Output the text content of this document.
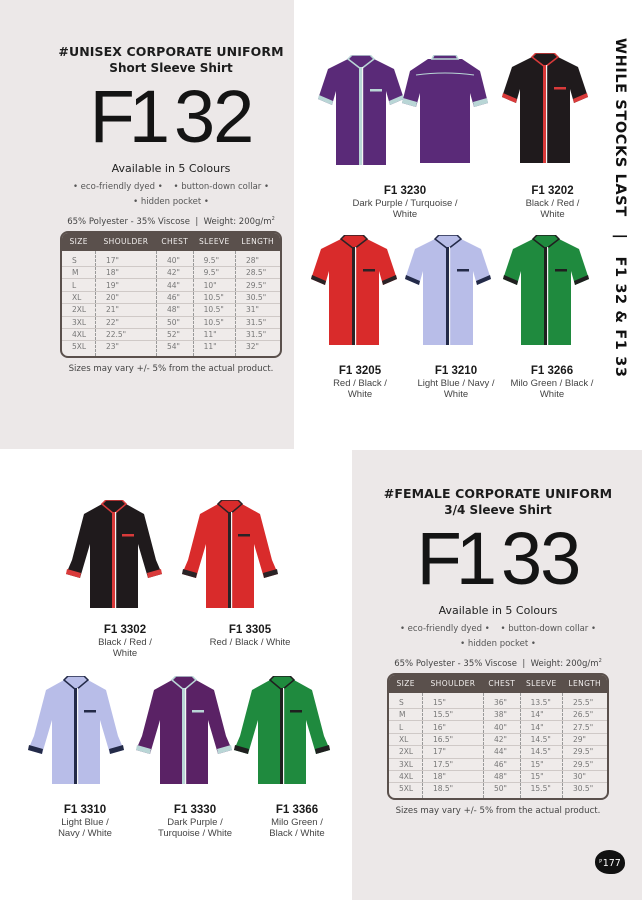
#UNISEX CORPORATE UNIFORM
Short Sleeve Shirt
F1 32
Available in 5 Colours
• eco-friendly dyed •    • button-down collar •
• hidden pocket •
65% Polyester - 35% Viscose  |  Weight: $200g/m^2$
SIZE	SHOULDER	CHEST	SLEEVE	LENGTH
S	17"	40"	9.5"	28"
M	18"	42"	9.5"	28.5"
L	19"	44"	10"	29.5"
XL	20"	46"	10.5"	30.5"
2XL	21"	48"	10.5"	31"
3XL	22"	50"	10.5"	31.5"
4XL	22.5"	52"	11"	31.5"
5XL	23"	54"	11"	32"
Sizes may vary +/- 5% from the actual product.
#FEMALE CORPORATE UNIFORM
3/4 Sleeve Shirt
F1 33
Available in 5 Colours
• eco-friendly dyed •    • button-down collar •
• hidden pocket •
65% Polyester - 35% Viscose  |  Weight: $200g/m^2$
SIZE	SHOULDER	CHEST	SLEEVE	LENGTH
S	15"	36"	13.5"	25.5"
M	15.5"	38"	14"	26.5"
L	16"	40"	14"	27.5"
XL	16.5"	42"	14.5"	29"
2XL	17"	44"	14.5"	29.5"
3XL	17.5"	46"	15"	29.5"
4XL	18"	48"	15"	30"
5XL	18.5"	50"	15.5"	30.5"
Sizes may vary +/- 5% from the actual product.
F1 3230
Dark Purple / Turquoise /
White
F1 3202
Black / Red /
White
F1 3205
Red / Black /
White
F1 3210
Light Blue / Navy /
White
F1 3266
Milo Green / Black /
White
F1 3302
Black / Red /
White
F1 3305
Red / Black / White
F1 3310
Light Blue /
Navy / White
F1 3330
Dark Purple /
Turquoise / White
F1 3366
Milo Green /
Black / White
WHILE STOCKS LAST   |   F1 32 & F1 33
$^P$177
